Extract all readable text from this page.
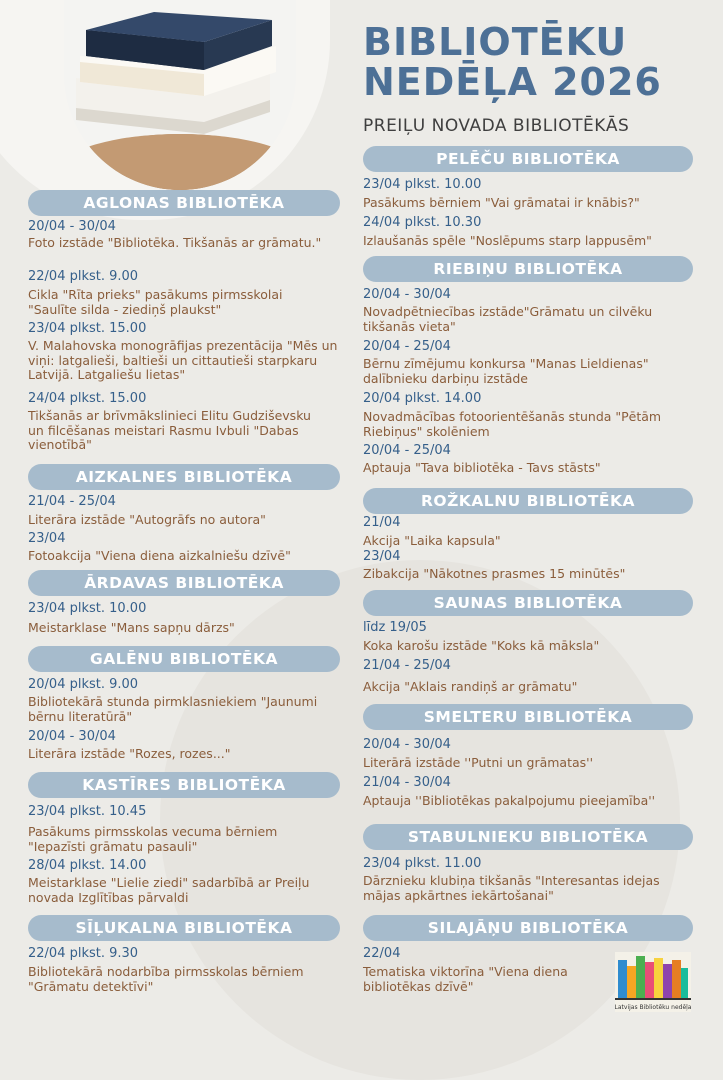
BIBLIOTĒKU
NEDĒĻA 2026
PREIĻU NOVADA BIBLIOTĒKĀS
AGLONAS BIBLIOTĒKA
20/04 - 30/04
Foto izstāde "Bibliotēka. Tikšanās ar grāmatu."
22/04 plkst. 9.00
Cikla "Rīta prieks" pasākums pirmsskolai "Saulīte silda - ziediņš plaukst"
23/04 plkst. 15.00
V. Malahovska monogrāfijas prezentācija "Mēs un viņi: latgalieši, baltieši un cittautieši starpkaru Latvijā. Latgaliešu lietas"
24/04 plkst. 15.00
Tikšanās ar brīvmākslinieci Elitu Gudziševsku un filcēšanas meistari Rasmu Ivbuli "Dabas vienotībā"
AIZKALNES BIBLIOTĒKA
21/04 - 25/04
Literāra izstāde "Autogrāfs no autora"
23/04
Fotoakcija "Viena diena aizkalniešu dzīvē"
ĀRDAVAS BIBLIOTĒKA
23/04 plkst. 10.00
Meistarklase "Mans sapņu dārzs"
GALĒNU BIBLIOTĒKA
20/04 plkst. 9.00
Bibliotekārā stunda pirmklasniekiem "Jaunumi bērnu literatūrā"
20/04 - 30/04
Literāra izstāde "Rozes, rozes..."
KASTĪRES BIBLIOTĒKA
23/04 plkst. 10.45
Pasākums pirmsskolas vecuma bērniem "Iepazīsti grāmatu pasauli"
28/04 plkst. 14.00
Meistarklase "Lielie ziedi" sadarbībā ar Preiļu novada Izglītības pārvaldi
SĪĻUKALNA BIBLIOTĒKA
22/04 plkst. 9.30
Bibliotekārā nodarbība pirmsskolas bērniem "Grāmatu detektīvi"
PELĒČU BIBLIOTĒKA
23/04 plkst. 10.00
Pasākums bērniem "Vai grāmatai ir knābis?"
24/04 plkst. 10.30
Izlaušanās spēle "Noslēpums starp lappusēm"
RIEBIŅU BIBLIOTĒKA
20/04 - 30/04
Novadpētniecības izstāde"Grāmatu un cilvēku tikšanās vieta"
20/04 - 25/04
Bērnu zīmējumu konkursa "Manas Lieldienas" dalībnieku darbiņu izstāde
20/04 plkst. 14.00
Novadmācības fotoorientēšanās stunda "Pētām Riebiņus" skolēniem
20/04 - 25/04
Aptauja "Tava bibliotēka - Tavs stāsts"
ROŽKALNU BIBLIOTĒKA
21/04
Akcija "Laika kapsula"
23/04
Zibakcija "Nākotnes prasmes 15 minūtēs"
SAUNAS BIBLIOTĒKA
līdz 19/05
Koka karošu izstāde "Koks kā māksla"
21/04 - 25/04
Akcija "Aklais randiņš ar grāmatu"
SMELTERU BIBLIOTĒKA
20/04 - 30/04
Literārā izstāde ''Putni un grāmatas''
21/04 - 30/04
Aptauja ''Bibliotēkas pakalpojumu pieejamība''
STABULNIEKU BIBLIOTĒKA
23/04 plkst. 11.00
Dārznieku klubiņa tikšanās "Interesantas idejas mājas apkārtnes iekārtošanai"
SILAJĀŅU BIBLIOTĒKA
22/04
Tematiska viktorīna "Viena diena bibliotēkas dzīvē"
Latvijas Bibliotēku nedēļa
